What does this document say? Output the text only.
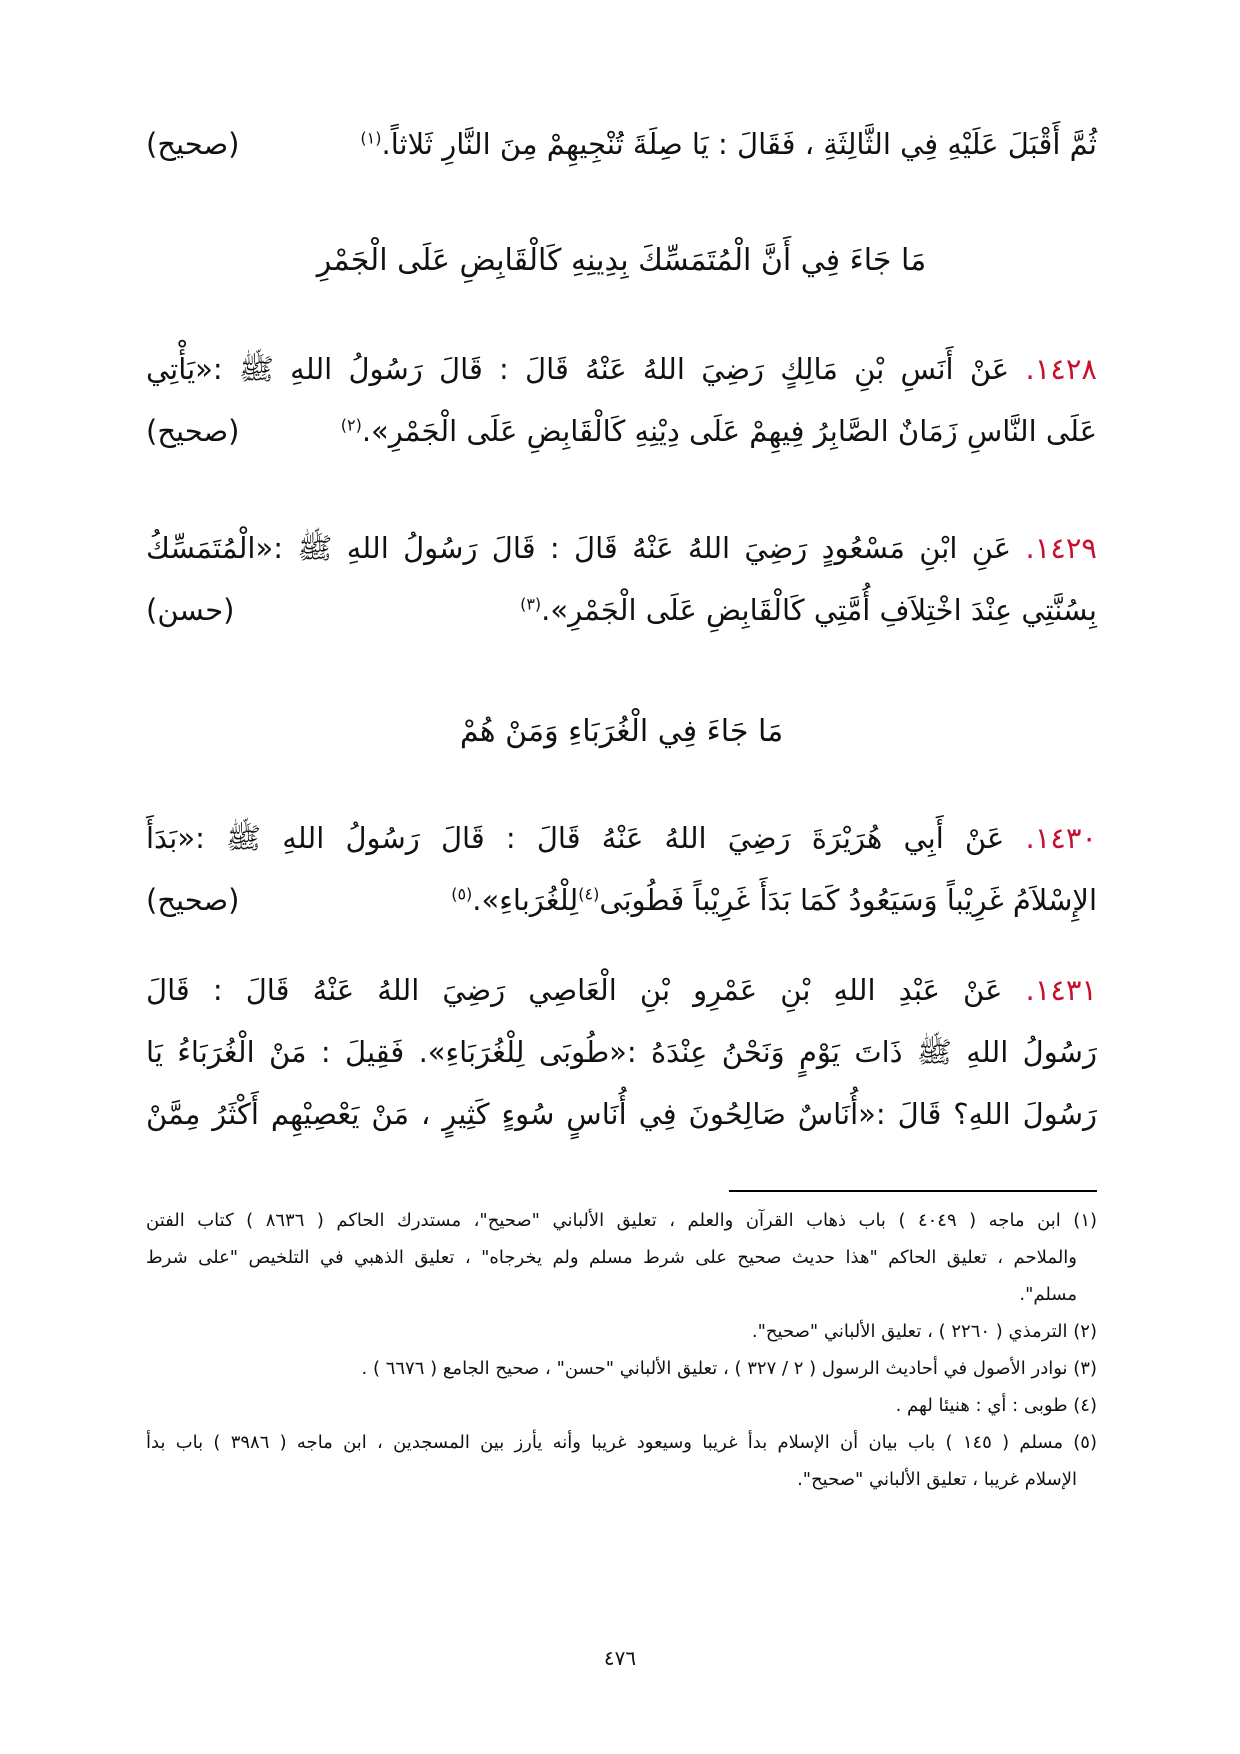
ثُمَّ أَقْبَلَ عَلَيْهِ فِي الثَّالِثَةِ ، فَقَالَ : يَا صِلَةَ تُنْجِيهِمْ مِنَ النَّارِ ثَلاثاً.$^{(١)}$
(صحيح)
مَا جَاءَ فِي أَنَّ الْمُتَمَسِّكَ بِدِينِهِ كَالْقَابِضِ عَلَى الْجَمْرِ
١٤٢٨. عَنْ أَنَسِ بْنِ مَالِكٍ رَضِيَ اللهُ عَنْهُ قَالَ : قَالَ رَسُولُ اللهِ ﷺ :«يَأْتِي
عَلَى النَّاسِ زَمَانٌ الصَّابِرُ فِيهِمْ عَلَى دِيْنِهِ كَالْقَابِضِ عَلَى الْجَمْرِ».$^{(٢)}$
(صحيح)
١٤٢٩. عَنِ ابْنِ مَسْعُودٍ رَضِيَ اللهُ عَنْهُ قَالَ : قَالَ رَسُولُ اللهِ ﷺ :«الْمُتَمَسِّكُ
بِسُنَّتِي عِنْدَ اخْتِلاَفِ أُمَّتِي كَالْقَابِضِ عَلَى الْجَمْرِ».$^{(٣)}$
(حسن)
مَا جَاءَ فِي الْغُرَبَاءِ وَمَنْ هُمْ
١٤٣٠. عَنْ أَبِي هُرَيْرَةَ رَضِيَ اللهُ عَنْهُ قَالَ : قَالَ رَسُولُ اللهِ ﷺ :«بَدَأَ
الإِسْلاَمُ غَرِيْباً وَسَيَعُودُ كَمَا بَدَأَ غَرِيْباً فَطُوبَى$^{(٤)}$لِلْغُرَباءِ».$^{(٥)}$
(صحيح)
١٤٣١. عَنْ عَبْدِ اللهِ بْنِ عَمْرِو بْنِ الْعَاصِي رَضِيَ اللهُ عَنْهُ قَالَ : قَالَ
رَسُولُ اللهِ ﷺ ذَاتَ يَوْمٍ وَنَحْنُ عِنْدَهُ :«طُوبَى لِلْغُرَبَاءِ». فَقِيلَ : مَنْ الْغُرَبَاءُ يَا
رَسُولَ اللهِ؟ قَالَ :«أُنَاسٌ صَالِحُونَ فِي أُنَاسٍ سُوءٍ كَثِيرٍ ، مَنْ يَعْصِيْهِم أَكْثَرُ مِمَّنْ
(١) ابن ماجه ( ٤٠٤٩ ) باب ذهاب القرآن والعلم ، تعليق الألباني "صحيح"، مستدرك الحاكم ( ٨٦٣٦ ) كتاب الفتن
والملاحم ، تعليق الحاكم "هذا حديث صحيح على شرط مسلم ولم يخرجاه" ، تعليق الذهبي في التلخيص "على شرط
مسلم".
(٢) الترمذي ( ٢٢٦٠ ) ، تعليق الألباني "صحيح".
(٣) نوادر الأصول في أحاديث الرسول ( ٢ / ٣٢٧ ) ، تعليق الألباني "حسن" ، صحيح الجامع ( ٦٦٧٦ ) .
(٤) طوبى : أي : هنيئا لهم .
(٥) مسلم ( ١٤٥ ) باب بيان أن الإسلام بدأ غريبا وسيعود غريبا وأنه يأرز بين المسجدين ، ابن ماجه ( ٣٩٨٦ ) باب بدأ
الإسلام غريبا ، تعليق الألباني "صحيح".
٤٧٦
